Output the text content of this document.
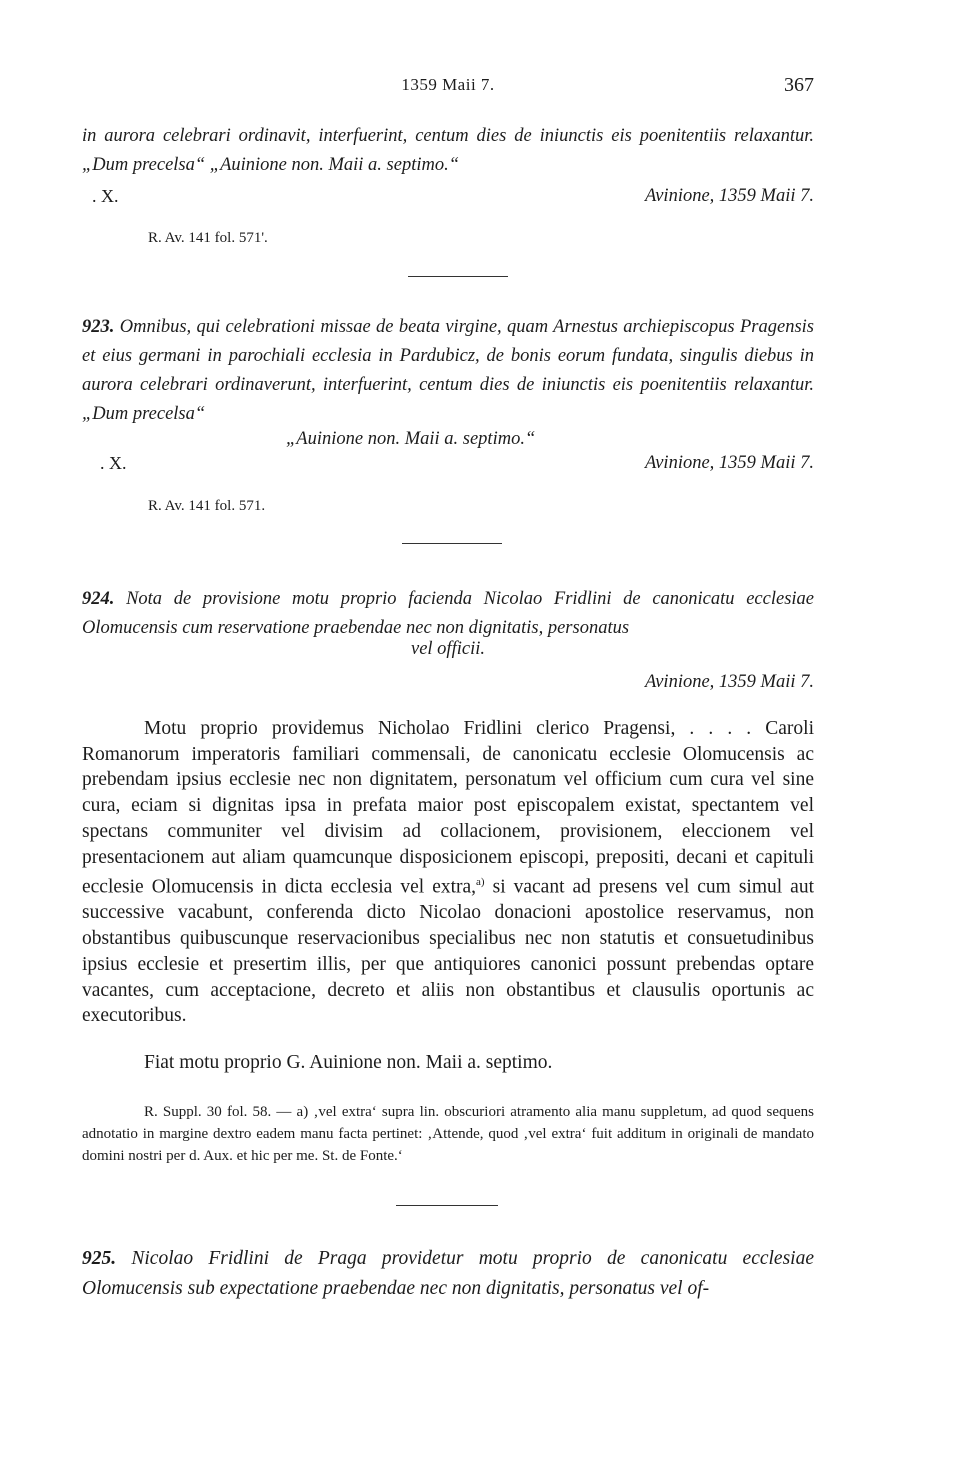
1359 Maii 7.	367
in aurora celebrari ordinavit, interfuerint, centum dies de iniunctis eis poenitentiis relaxantur. „Dum precelsa“ „Auinione non. Maii a. septimo.“
. X.	Avinione, 1359 Maii 7.
R. Av. 141 fol. 571'.
923. Omnibus, qui celebrationi missae de beata virgine, quam Arnestus archiepiscopus Pragensis et eius germani in parochiali ecclesia in Pardubicz, de bonis eorum fundata, singulis diebus in aurora celebrari ordinaverunt, interfuerint, centum dies de iniunctis eis poenitentiis relaxantur. „Dum precelsa“
„Auinione non. Maii a. septimo.“
. X.	Avinione, 1359 Maii 7.
R. Av. 141 fol. 571.
924. Nota de provisione motu proprio facienda Nicolao Fridlini de canonicatu ecclesiae Olomucensis cum reservatione praebendae nec non dignitatis, personatus
vel officii.
Avinione, 1359 Maii 7.
Motu proprio providemus Nicholao Fridlini clerico Pragensi, . . . . Caroli Romanorum imperatoris familiari commensali, de canonicatu ecclesie Olomucensis ac prebendam ipsius ecclesie nec non dignitatem, personatum vel officium cum cura vel sine cura, eciam si dignitas ipsa in prefata maior post episcopalem existat, spectantem vel spectans communiter vel divisim ad collacionem, provisionem, eleccionem vel presentacionem aut aliam quamcunque disposicionem episcopi, prepositi, decani et capituli ecclesie Olomucensis in dicta ecclesia vel extra,$^{a)}$ si vacant ad presens vel cum simul aut successive vacabunt, conferenda dicto Nicolao donacioni apostolice reservamus, non obstantibus quibuscunque reservacionibus specialibus nec non statutis et consuetudinibus ipsius ecclesie et presertim illis, per que antiquiores canonici possunt prebendas optare vacantes, cum acceptacione, decreto et aliis non obstantibus et clausulis oportunis ac executoribus.
Fiat motu proprio G. Auinione non. Maii a. septimo.
R. Suppl. 30 fol. 58. — a) ‚vel extra‘ supra lin. obscuriori atramento alia manu suppletum, ad quod sequens adnotatio in margine dextro eadem manu facta pertinet: ‚Attende, quod ‚vel extra‘ fuit additum in originali de mandato domini nostri per d. Aux. et hic per me. St. de Fonte.‘
925. Nicolao Fridlini de Praga providetur motu proprio de canonicatu ecclesiae Olomucensis sub expectatione praebendae nec non dignitatis, personatus vel of-
